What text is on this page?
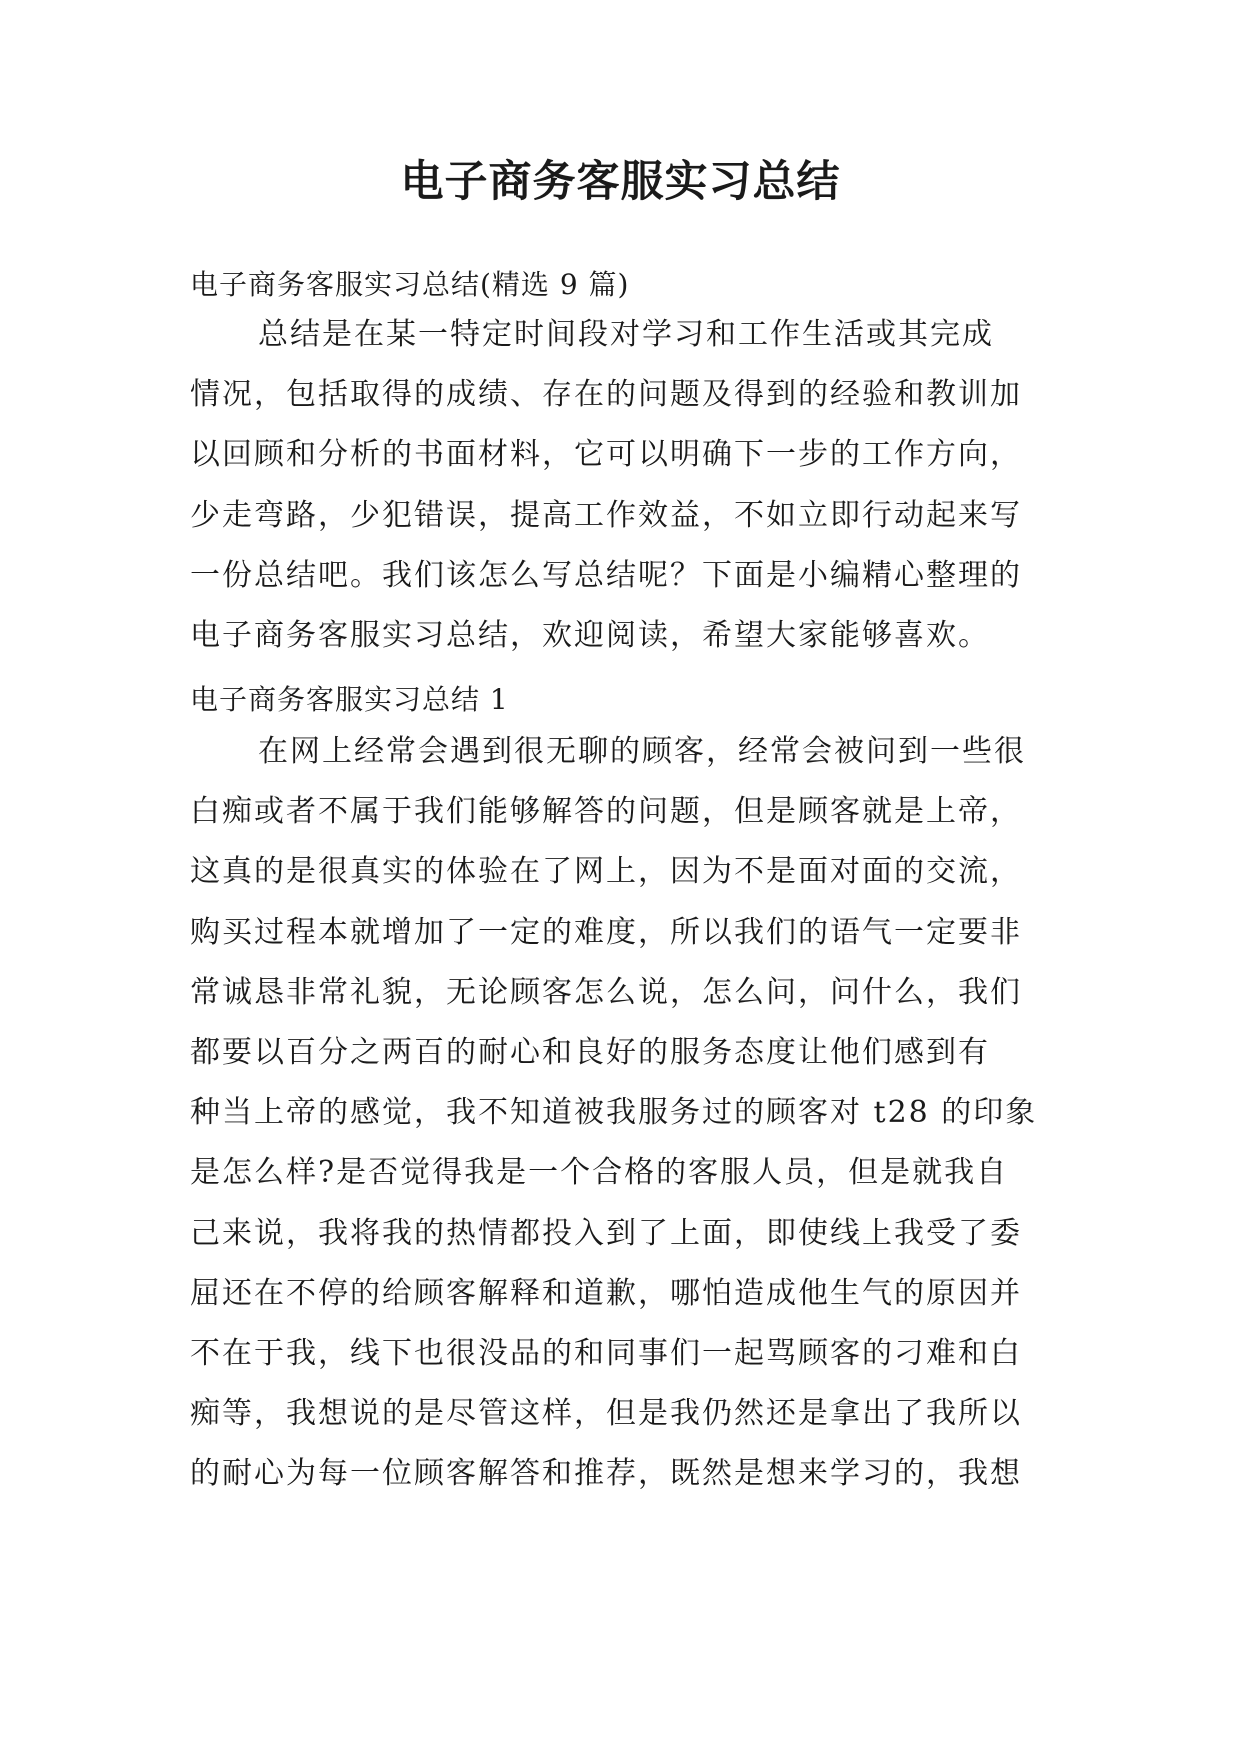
电子商务客服实习总结
电子商务客服实习总结(精选 9 篇)
总结是在某一特定时间段对学习和工作生活或其完成
情况，包括取得的成绩、存在的问题及得到的经验和教训加
以回顾和分析的书面材料，它可以明确下一步的工作方向，
少走弯路，少犯错误，提高工作效益，不如立即行动起来写
一份总结吧。我们该怎么写总结呢？下面是小编精心整理的
电子商务客服实习总结，欢迎阅读，希望大家能够喜欢。
电子商务客服实习总结 1
在网上经常会遇到很无聊的顾客，经常会被问到一些很
白痴或者不属于我们能够解答的问题，但是顾客就是上帝，
这真的是很真实的体验在了网上，因为不是面对面的交流，
购买过程本就增加了一定的难度，所以我们的语气一定要非
常诚恳非常礼貌，无论顾客怎么说，怎么问，问什么，我们
都要以百分之两百的耐心和良好的服务态度让他们感到有
种当上帝的感觉，我不知道被我服务过的顾客对 t28 的印象
是怎么样?是否觉得我是一个合格的客服人员，但是就我自
己来说，我将我的热情都投入到了上面，即使线上我受了委
屈还在不停的给顾客解释和道歉，哪怕造成他生气的原因并
不在于我，线下也很没品的和同事们一起骂顾客的刁难和白
痴等，我想说的是尽管这样，但是我仍然还是拿出了我所以
的耐心为每一位顾客解答和推荐，既然是想来学习的，我想
